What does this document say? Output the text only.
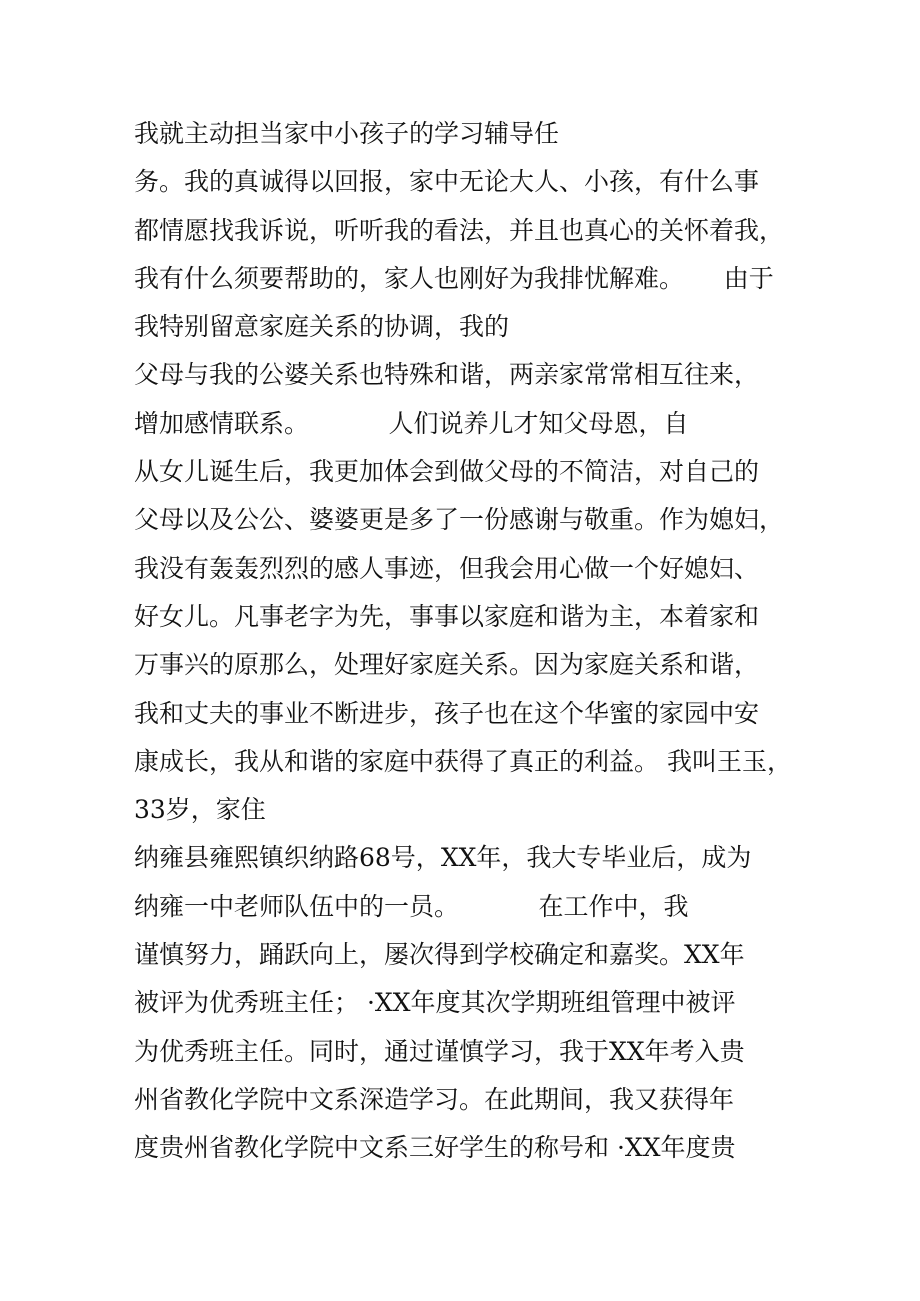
我就主动担当家中小孩子的学习辅导任
务。我的真诚得以回报，家中无论大人、小孩，有什么事
都情愿找我诉说，听听我的看法，并且也真心的关怀着我，
我有什么须要帮助的，家人也刚好为我排忧解难。     由于
我特别留意家庭关系的协调，我的
父母与我的公婆关系也特殊和谐，两亲家常常相互往来，
增加感情联系。          人们说养儿才知父母恩，自
从女儿诞生后，我更加体会到做父母的不简洁，对自己的
父母以及公公、婆婆更是多了一份感谢与敬重。作为媳妇，
我没有轰轰烈烈的感人事迹，但我会用心做一个好媳妇、
好女儿。凡事老字为先，事事以家庭和谐为主，本着家和
万事兴的原那么，处理好家庭关系。因为家庭关系和谐，
我和丈夫的事业不断进步，孩子也在这个华蜜的家园中安
康成长，我从和谐的家庭中获得了真正的利益。 我叫王玉，
33岁，家住
纳雍县雍熙镇织纳路68号，XX年，我大专毕业后，成为
纳雍一中老师队伍中的一员。          在工作中，我
谨慎努力，踊跃向上，屡次得到学校确定和嘉奖。XX年
被评为优秀班主任； ·XX年度其次学期班组管理中被评
为优秀班主任。同时，通过谨慎学习，我于XX年考入贵
州省教化学院中文系深造学习。在此期间，我又获得年
度贵州省教化学院中文系三好学生的称号和 ·XX年度贵
